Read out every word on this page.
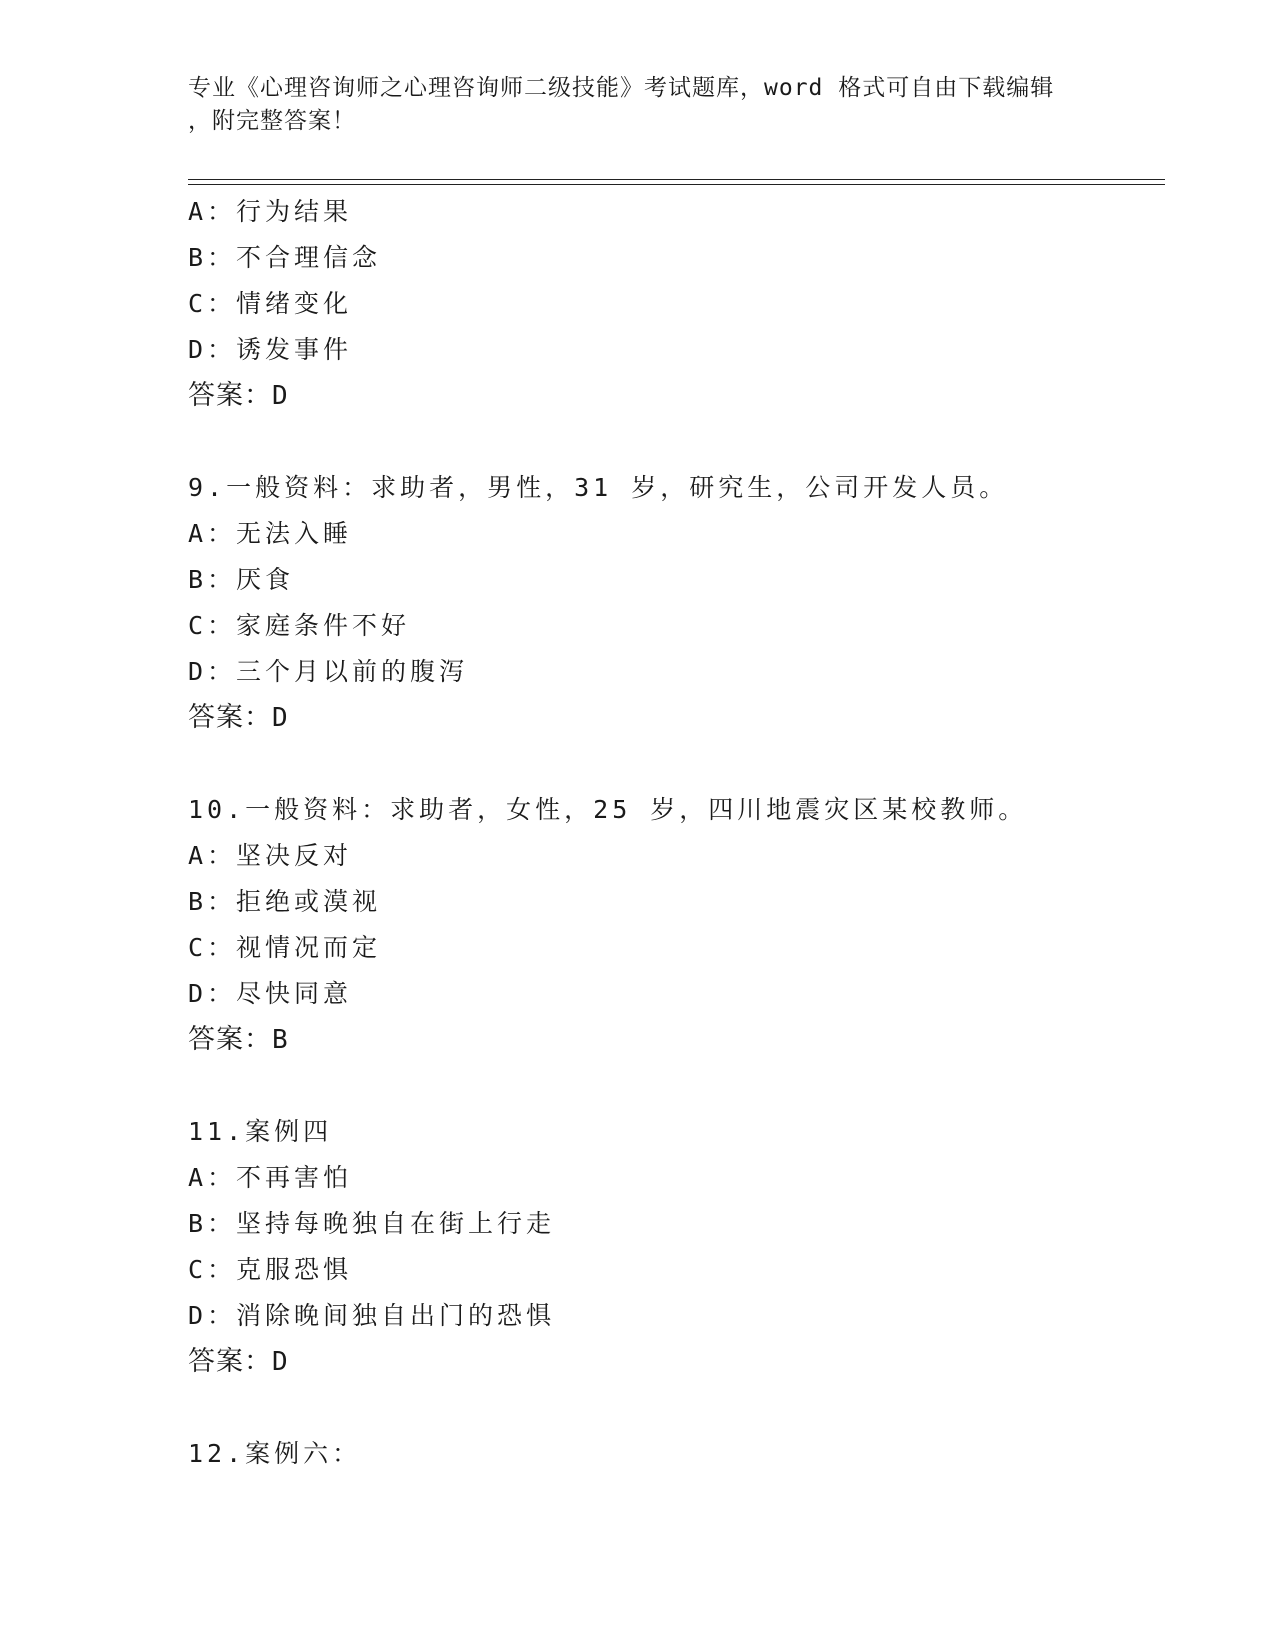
专业《心理咨询师之心理咨询师二级技能》考试题库，word 格式可自由下载编辑
，附完整答案！
A：行为结果
B：不合理信念
C：情绪变化
D：诱发事件
答案：D
9.一般资料：求助者，男性，31 岁，研究生，公司开发人员。
A：无法入睡
B：厌食
C：家庭条件不好
D：三个月以前的腹泻
答案：D
10.一般资料：求助者，女性，25 岁，四川地震灾区某校教师。
A：坚决反对
B：拒绝或漠视
C：视情况而定
D：尽快同意
答案：B
11.案例四
A：不再害怕
B：坚持每晚独自在街上行走
C：克服恐惧
D：消除晚间独自出门的恐惧
答案：D
12.案例六：
